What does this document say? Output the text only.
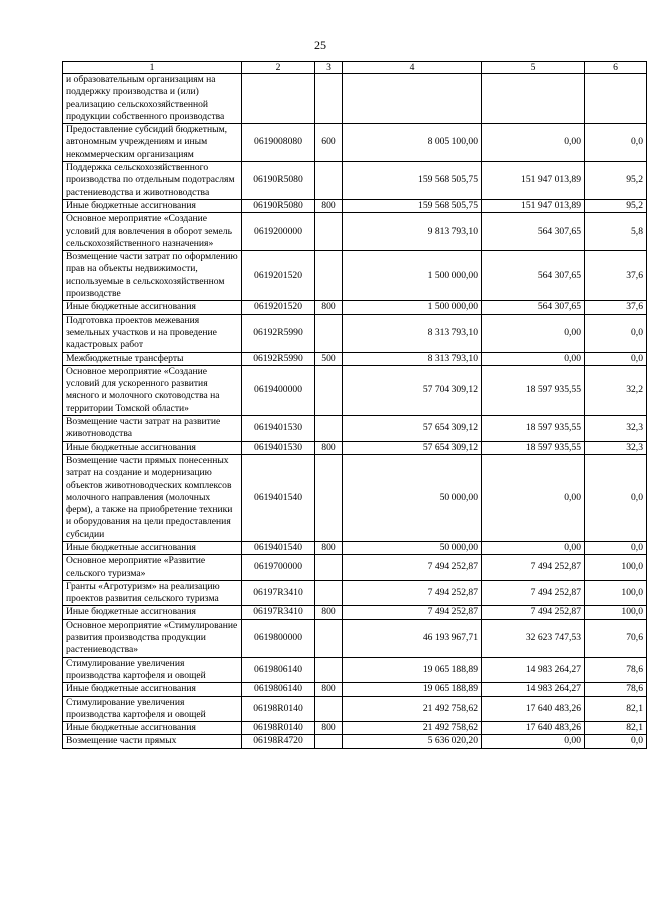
25
1	2	3	4	5	6
и образовательным организациям на поддержку производства и (или) реализацию сельскохозяйственной продукции собственного производства					
Предоставление субсидий бюджетным, автономным учреждениям и иным некоммерческим организациям	0619008080	600	8 005 100,00	0,00	0,0
Поддержка сельскохозяйственного производства по отдельным подотраслям растениеводства и животноводства	06190R5080		159 568 505,75	151 947 013,89	95,2
Иные бюджетные ассигнования	06190R5080	800	159 568 505,75	151 947 013,89	95,2
Основное мероприятие «Создание условий для вовлечения в оборот земель сельскохозяйственного назначения»	0619200000		9 813 793,10	564 307,65	5,8
Возмещение части затрат по оформлению прав на объекты недвижимости, используемые в сельскохозяйственном производстве	0619201520		1 500 000,00	564 307,65	37,6
Иные бюджетные ассигнования	0619201520	800	1 500 000,00	564 307,65	37,6
Подготовка проектов межевания земельных участков и на проведение кадастровых работ	06192R5990		8 313 793,10	0,00	0,0
Межбюджетные трансферты	06192R5990	500	8 313 793,10	0,00	0,0
Основное мероприятие «Создание условий для ускоренного развития мясного и молочного скотоводства на территории Томской области»	0619400000		57 704 309,12	18 597 935,55	32,2
Возмещение части затрат на развитие животноводства	0619401530		57 654 309,12	18 597 935,55	32,3
Иные бюджетные ассигнования	0619401530	800	57 654 309,12	18 597 935,55	32,3
Возмещение части прямых понесенных затрат на создание и модернизацию объектов животноводческих комплексов молочного направления (молочных ферм), а также на приобретение техники и оборудования на цели предоставления субсидии	0619401540		50 000,00	0,00	0,0
Иные бюджетные ассигнования	0619401540	800	50 000,00	0,00	0,0
Основное мероприятие «Развитие сельского туризма»	0619700000		7 494 252,87	7 494 252,87	100,0
Гранты «Агротуризм» на реализацию проектов развития сельского туризма	06197R3410		7 494 252,87	7 494 252,87	100,0
Иные бюджетные ассигнования	06197R3410	800	7 494 252,87	7 494 252,87	100,0
Основное мероприятие «Стимулирование развития производства продукции растениеводства»	0619800000		46 193 967,71	32 623 747,53	70,6
Стимулирование увеличения производства картофеля и овощей	0619806140		19 065 188,89	14 983 264,27	78,6
Иные бюджетные ассигнования	0619806140	800	19 065 188,89	14 983 264,27	78,6
Стимулирование увеличения производства картофеля и овощей	06198R0140		21 492 758,62	17 640 483,26	82,1
Иные бюджетные ассигнования	06198R0140	800	21 492 758,62	17 640 483,26	82,1
Возмещение части прямых	06198R4720		5 636 020,20	0,00	0,0
